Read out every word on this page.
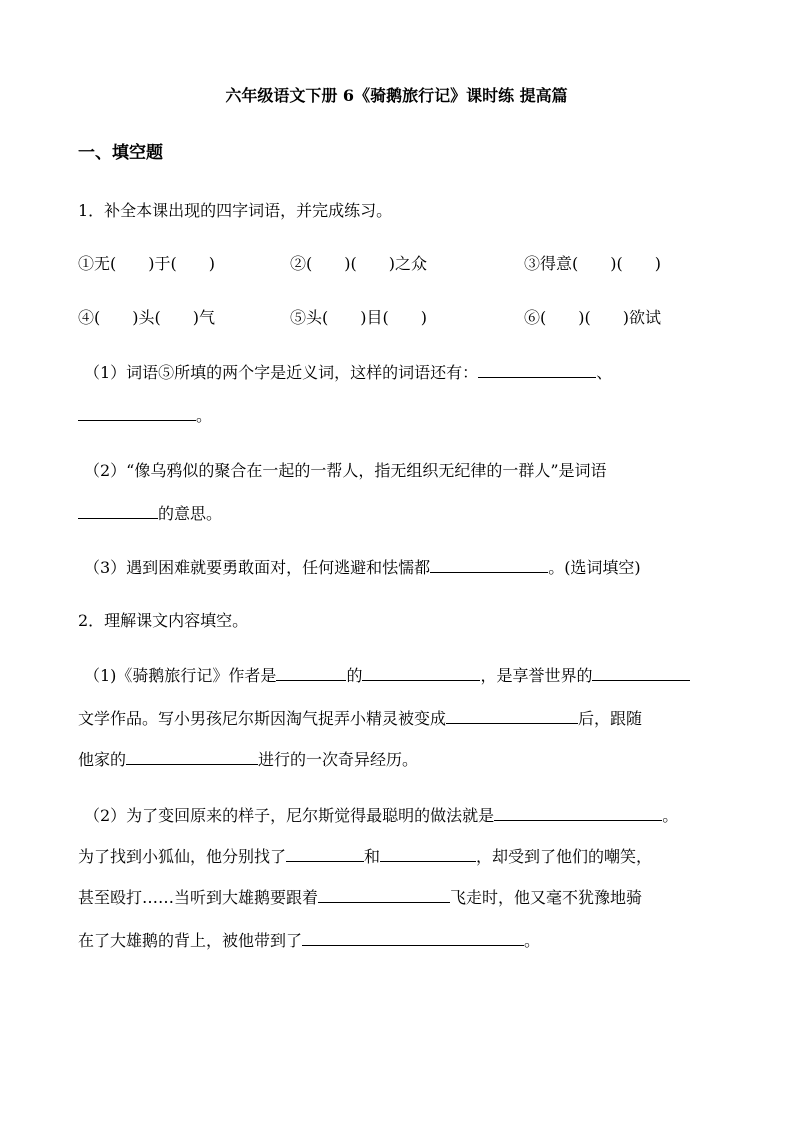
六年级语文下册 6《骑鹅旅行记》课时练 提高篇
一、填空题
1．补全本课出现的四字词语，并完成练习。
①无(　　)于(　　)	②(　　)(　　)之众	③得意(　　)(　　)
④(　　)头(　　)气	⑤头(　　)目(　　)	⑥(　　)(　　)欲试
（1）词语⑤所填的两个字是近义词，这样的词语还有：	、
。
（2）“像乌鸦似的聚合在一起的一帮人，指无组织无纪律的一群人”是词语
的意思。
（3）遇到困难就要勇敢面对，任何逃避和怯懦都	。(选词填空)
2．理解课文内容填空。
（1)《骑鹅旅行记》作者是	的	，是享誉世界的
文学作品。写小男孩尼尔斯因淘气捉弄小精灵被变成	后，跟随
他家的	进行的一次奇异经历。
（2）为了变回原来的样子，尼尔斯觉得最聪明的做法就是	。
为了找到小狐仙，他分别找了	和	，却受到了他们的嘲笑，
甚至殴打……当听到大雄鹅要跟着	飞走时，他又毫不犹豫地骑
在了大雄鹅的背上，被他带到了	。
